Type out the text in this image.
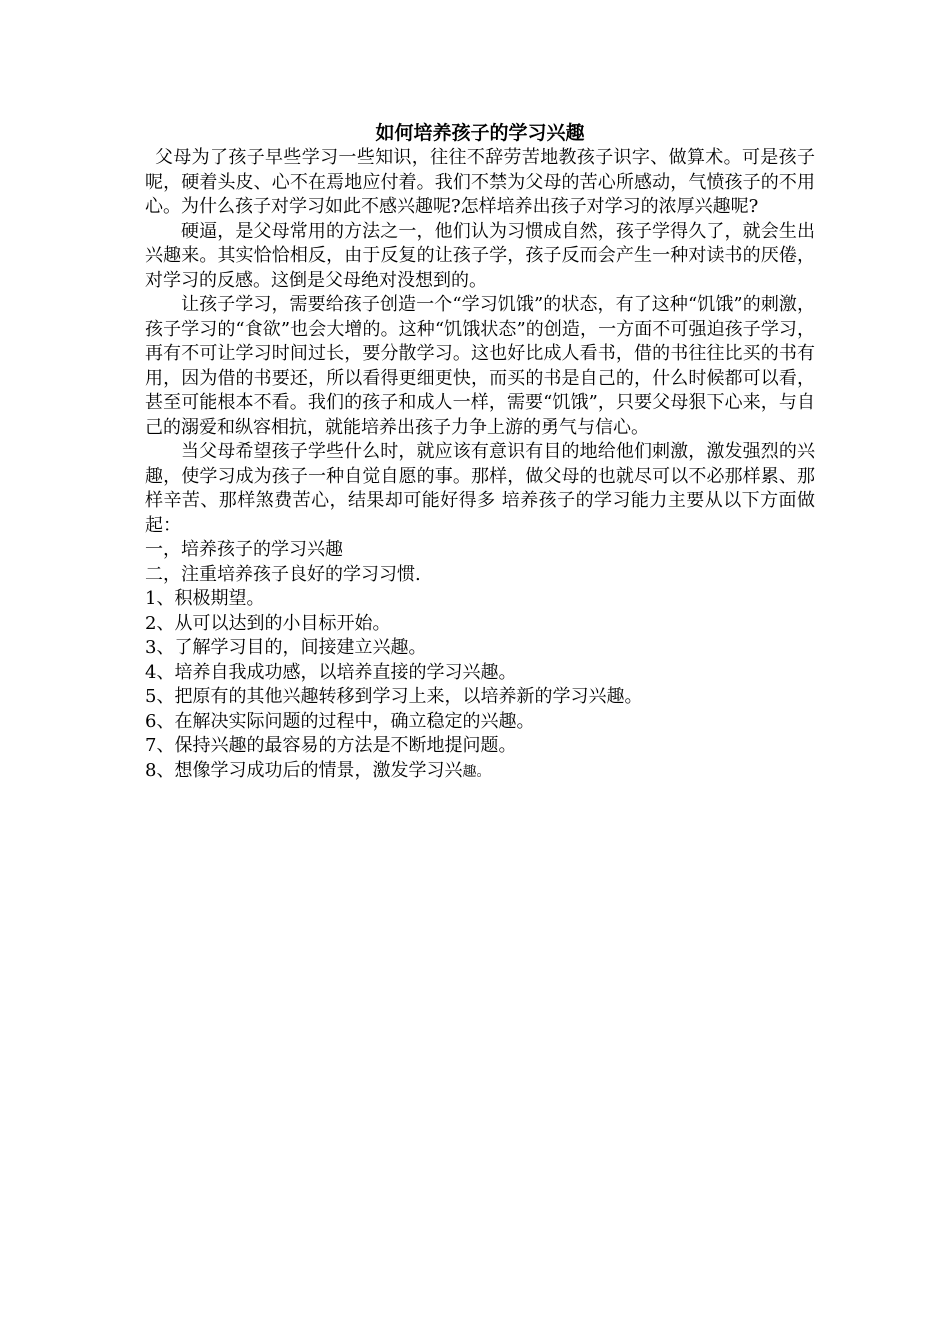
如何培养孩子的学习兴趣

父母为了孩子早些学习一些知识，往往不辞劳苦地教孩子识字、做算术。可是孩子呢，硬着头皮、心不在焉地应付着。我们不禁为父母的苦心所感动，气愤孩子的不用心。为什么孩子对学习如此不感兴趣呢?怎样培养出孩子对学习的浓厚兴趣呢?

硬逼，是父母常用的方法之一，他们认为习惯成自然，孩子学得久了，就会生出兴趣来。其实恰恰相反，由于反复的让孩子学，孩子反而会产生一种对读书的厌倦，对学习的反感。这倒是父母绝对没想到的。

让孩子学习，需要给孩子创造一个“学习饥饿”的状态，有了这种“饥饿”的刺激，孩子学习的“食欲”也会大增的。这种“饥饿状态”的创造，一方面不可强迫孩子学习，再有不可让学习时间过长，要分散学习。这也好比成人看书，借的书往往比买的书有用，因为借的书要还，所以看得更细更快，而买的书是自己的，什么时候都可以看，甚至可能根本不看。我们的孩子和成人一样，需要“饥饿”，只要父母狠下心来，与自己的溺爱和纵容相抗，就能培养出孩子力争上游的勇气与信心。

当父母希望孩子学些什么时，就应该有意识有目的地给他们刺激，激发强烈的兴趣，使学习成为孩子一种自觉自愿的事。那样，做父母的也就尽可以不必那样累、那样辛苦、那样煞费苦心，结果却可能好得多 培养孩子的学习能力主要从以下方面做起：

一，培养孩子的学习兴趣

二，注重培养孩子良好的学习习惯.

1、积极期望。

2、从可以达到的小目标开始。

3、了解学习目的，间接建立兴趣。

4、培养自我成功感，以培养直接的学习兴趣。

5、把原有的其他兴趣转移到学习上来，以培养新的学习兴趣。

6、在解决实际问题的过程中，确立稳定的兴趣。

7、保持兴趣的最容易的方法是不断地提问题。

8、想像学习成功后的情景，激发学习兴趣。
